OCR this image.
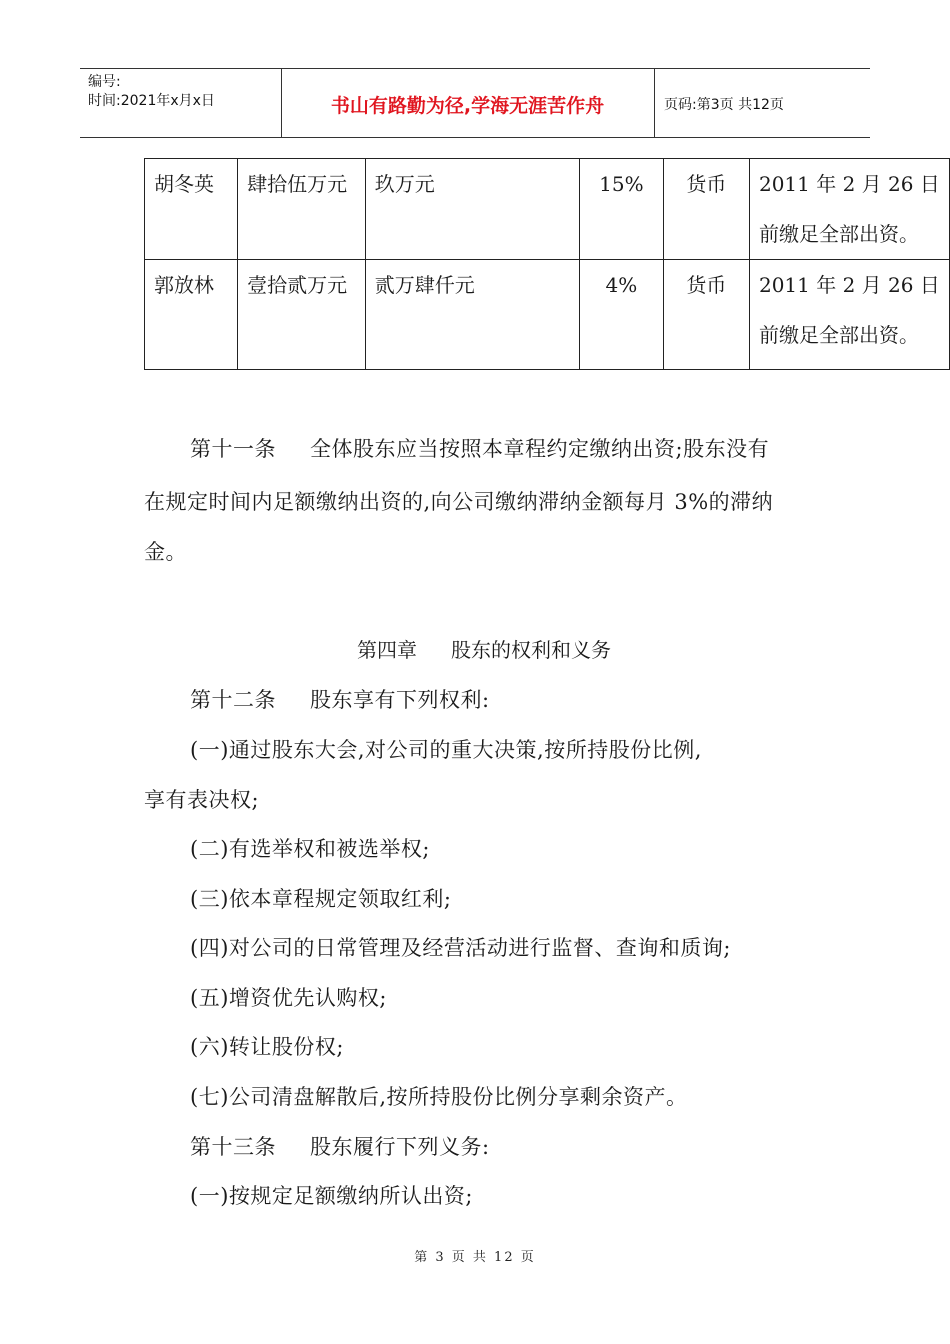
编号:
时间:2021年x月x日	书山有路勤为径,学海无涯苦作舟	页码:第3页 共12页
胡冬英	肆拾伍万元	玖万元	15%	货币	2011 年 2 月 26 日
前缴足全部出资。

郭放林	壹拾贰万元	贰万肆仟元	4%	货币	2011 年 2 月 26 日
前缴足全部出资。
第十一条 全体股东应当按照本章程约定缴纳出资;股东没有
在规定时间内足额缴纳出资的,向公司缴纳滞纳金额每月 3%的滞纳
金。
第四章 股东的权利和义务
第十二条 股东享有下列权利:
(一)通过股东大会,对公司的重大决策,按所持股份比例,
享有表决权;
(二)有选举权和被选举权;
(三)依本章程规定领取红利;
(四)对公司的日常管理及经营活动进行监督、查询和质询;
(五)增资优先认购权;
(六)转让股份权;
(七)公司清盘解散后,按所持股份比例分享剩余资产。
第十三条 股东履行下列义务:
(一)按规定足额缴纳所认出资;
第 3 页 共 12 页
